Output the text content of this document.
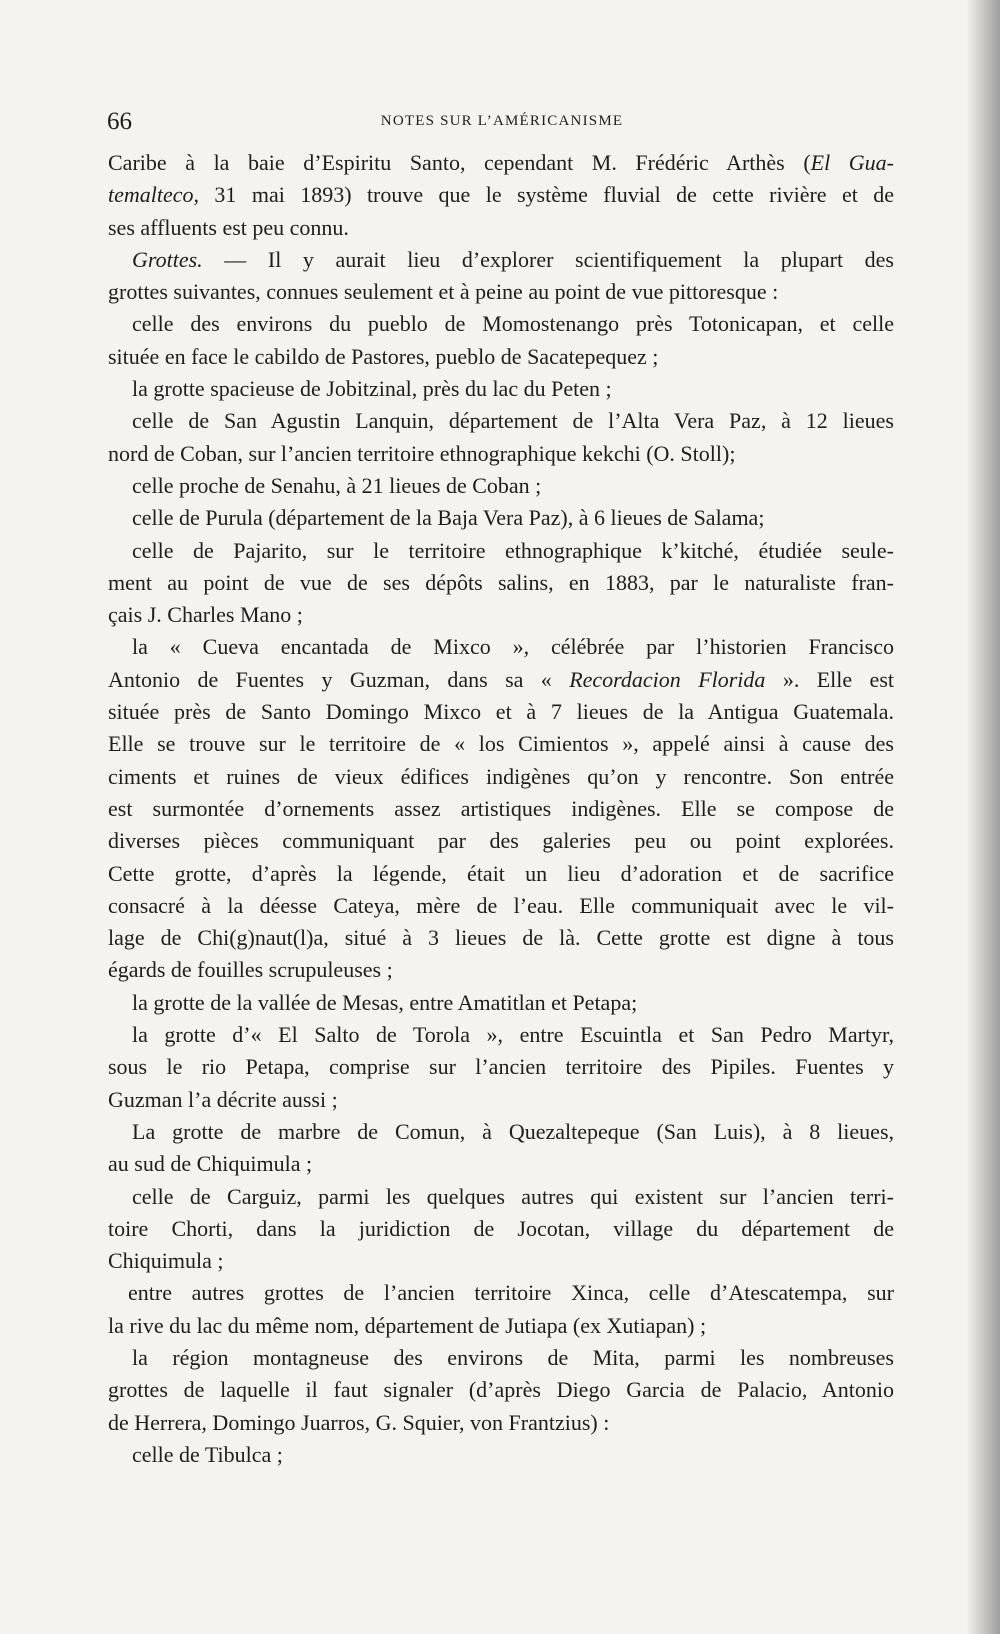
66	NOTES SUR L’AMÉRICANISME
Caribe à la baie d’Espiritu Santo, cependant M. Frédéric Arthès (El Gua-
temalteco, 31 mai 1893) trouve que le système fluvial de cette rivière et de
ses affluents est peu connu.
Grottes. — Il y aurait lieu d’explorer scientifiquement la plupart des
grottes suivantes, connues seulement et à peine au point de vue pittoresque :
celle des environs du pueblo de Momostenango près Totonicapan, et celle
située en face le cabildo de Pastores, pueblo de Sacatepequez ;
la grotte spacieuse de Jobitzinal, près du lac du Peten ;
celle de San Agustin Lanquin, département de l’Alta Vera Paz, à 12 lieues
nord de Coban, sur l’ancien territoire ethnographique kekchi (O. Stoll);
celle proche de Senahu, à 21 lieues de Coban ;
celle de Purula (département de la Baja Vera Paz), à 6 lieues de Salama;
celle de Pajarito, sur le territoire ethnographique k’kitché, étudiée seule-
ment au point de vue de ses dépôts salins, en 1883, par le naturaliste fran-
çais J. Charles Mano ;
la « Cueva encantada de Mixco », célébrée par l’historien Francisco
Antonio de Fuentes y Guzman, dans sa « Recordacion Florida ». Elle est
située près de Santo Domingo Mixco et à 7 lieues de la Antigua Guatemala.
Elle se trouve sur le territoire de « los Cimientos », appelé ainsi à cause des
ciments et ruines de vieux édifices indigènes qu’on y rencontre. Son entrée
est surmontée d’ornements assez artistiques indigènes. Elle se compose de
diverses pièces communiquant par des galeries peu ou point explorées.
Cette grotte, d’après la légende, était un lieu d’adoration et de sacrifice
consacré à la déesse Cateya, mère de l’eau. Elle communiquait avec le vil-
lage de Chi(g)naut(l)a, situé à 3 lieues de là. Cette grotte est digne à tous
égards de fouilles scrupuleuses ;
la grotte de la vallée de Mesas, entre Amatitlan et Petapa;
la grotte d’« El Salto de Torola », entre Escuintla et San Pedro Martyr,
sous le rio Petapa, comprise sur l’ancien territoire des Pipiles. Fuentes y
Guzman l’a décrite aussi ;
La grotte de marbre de Comun, à Quezaltepeque (San Luis), à 8 lieues,
au sud de Chiquimula ;
celle de Carguiz, parmi les quelques autres qui existent sur l’ancien terri-
toire Chorti, dans la juridiction de Jocotan, village du département de
Chiquimula ;
entre autres grottes de l’ancien territoire Xinca, celle d’Atescatempa, sur
la rive du lac du même nom, département de Jutiapa (ex Xutiapan) ;
la région montagneuse des environs de Mita, parmi les nombreuses
grottes de laquelle il faut signaler (d’après Diego Garcia de Palacio, Antonio
de Herrera, Domingo Juarros, G. Squier, von Frantzius) :
celle de Tibulca ;
